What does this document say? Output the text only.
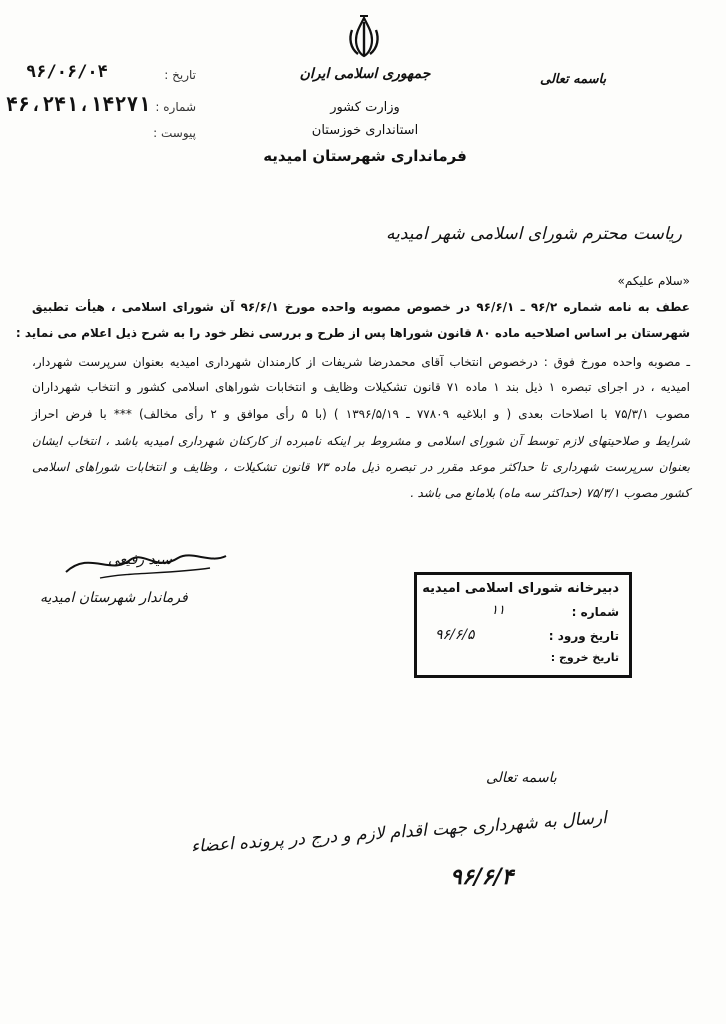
جمهوری اسلامی ایران
وزارت کشور
استانداری خوزستان
فرمانداری شهرستان امیدیه
باسمه تعالی
تاریخ :
۹۶/۰۶/۰۴
شماره :
۴۶،۲۴۱،۱۴۲۷۱
پیوست :
ریاست محترم شورای اسلامی شهر امیدیه
«سلام علیکم»
عطف به نامه شماره ۹۶/۲ ـ ۹۶/۶/۱ در خصوص مصوبه واحده مورخ ۹۶/۶/۱ آن شورای اسلامی ، هیأت تطبیق
شهرستان بر اساس اصلاحیه ماده ۸۰ قانون شوراها پس از طرح و بررسی نظر خود را به شرح ذیل اعلام می نماید :
ـ مصوبه واحده مورخ فوق : درخصوص انتخاب آقای محمدرضا شریفات از کارمندان شهرداری امیدیه بعنوان سرپرست شهردار،
امیدیه ، در اجرای تبصره ۱ ذیل بند ۱ ماده ۷۱ قانون تشکیلات وظایف و انتخابات شوراهای اسلامی کشور و انتخاب شهرداران
مصوب ۷۵/۳/۱ با اصلاحات بعدی ( و ابلاغیه ۷۷۸۰۹ ـ ۱۳۹۶/۵/۱۹ ) (با ۵ رأی موافق و ۲ رأی مخالف) *** با فرض احراز
شرایط و صلاحیتهای لازم توسط آن شورای اسلامی و مشروط بر اینکه نامبرده از کارکنان شهرداری امیدیه باشد ، انتخاب ایشان
بعنوان سرپرست شهرداری تا حداکثر موعد مقرر در تبصره ذیل ماده ۷۳ قانون تشکیلات ، وظایف و انتخابات شوراهای اسلامی
کشور مصوب ۷۵/۳/۱ (حداکثر سه ماه) بلامانع می باشد .
سید رفیعی
فرماندار شهرستان امیدیه
دبیرخانه شورای اسلامی امیدیه
شماره :
۱۱
تاریخ ورود :
۹۶/۶/۵
تاریخ خروج :
باسمه تعالی
ارسال به شهرداری جهت اقدام لازم و درج در پرونده اعضاء
۹۶/۶/۴
